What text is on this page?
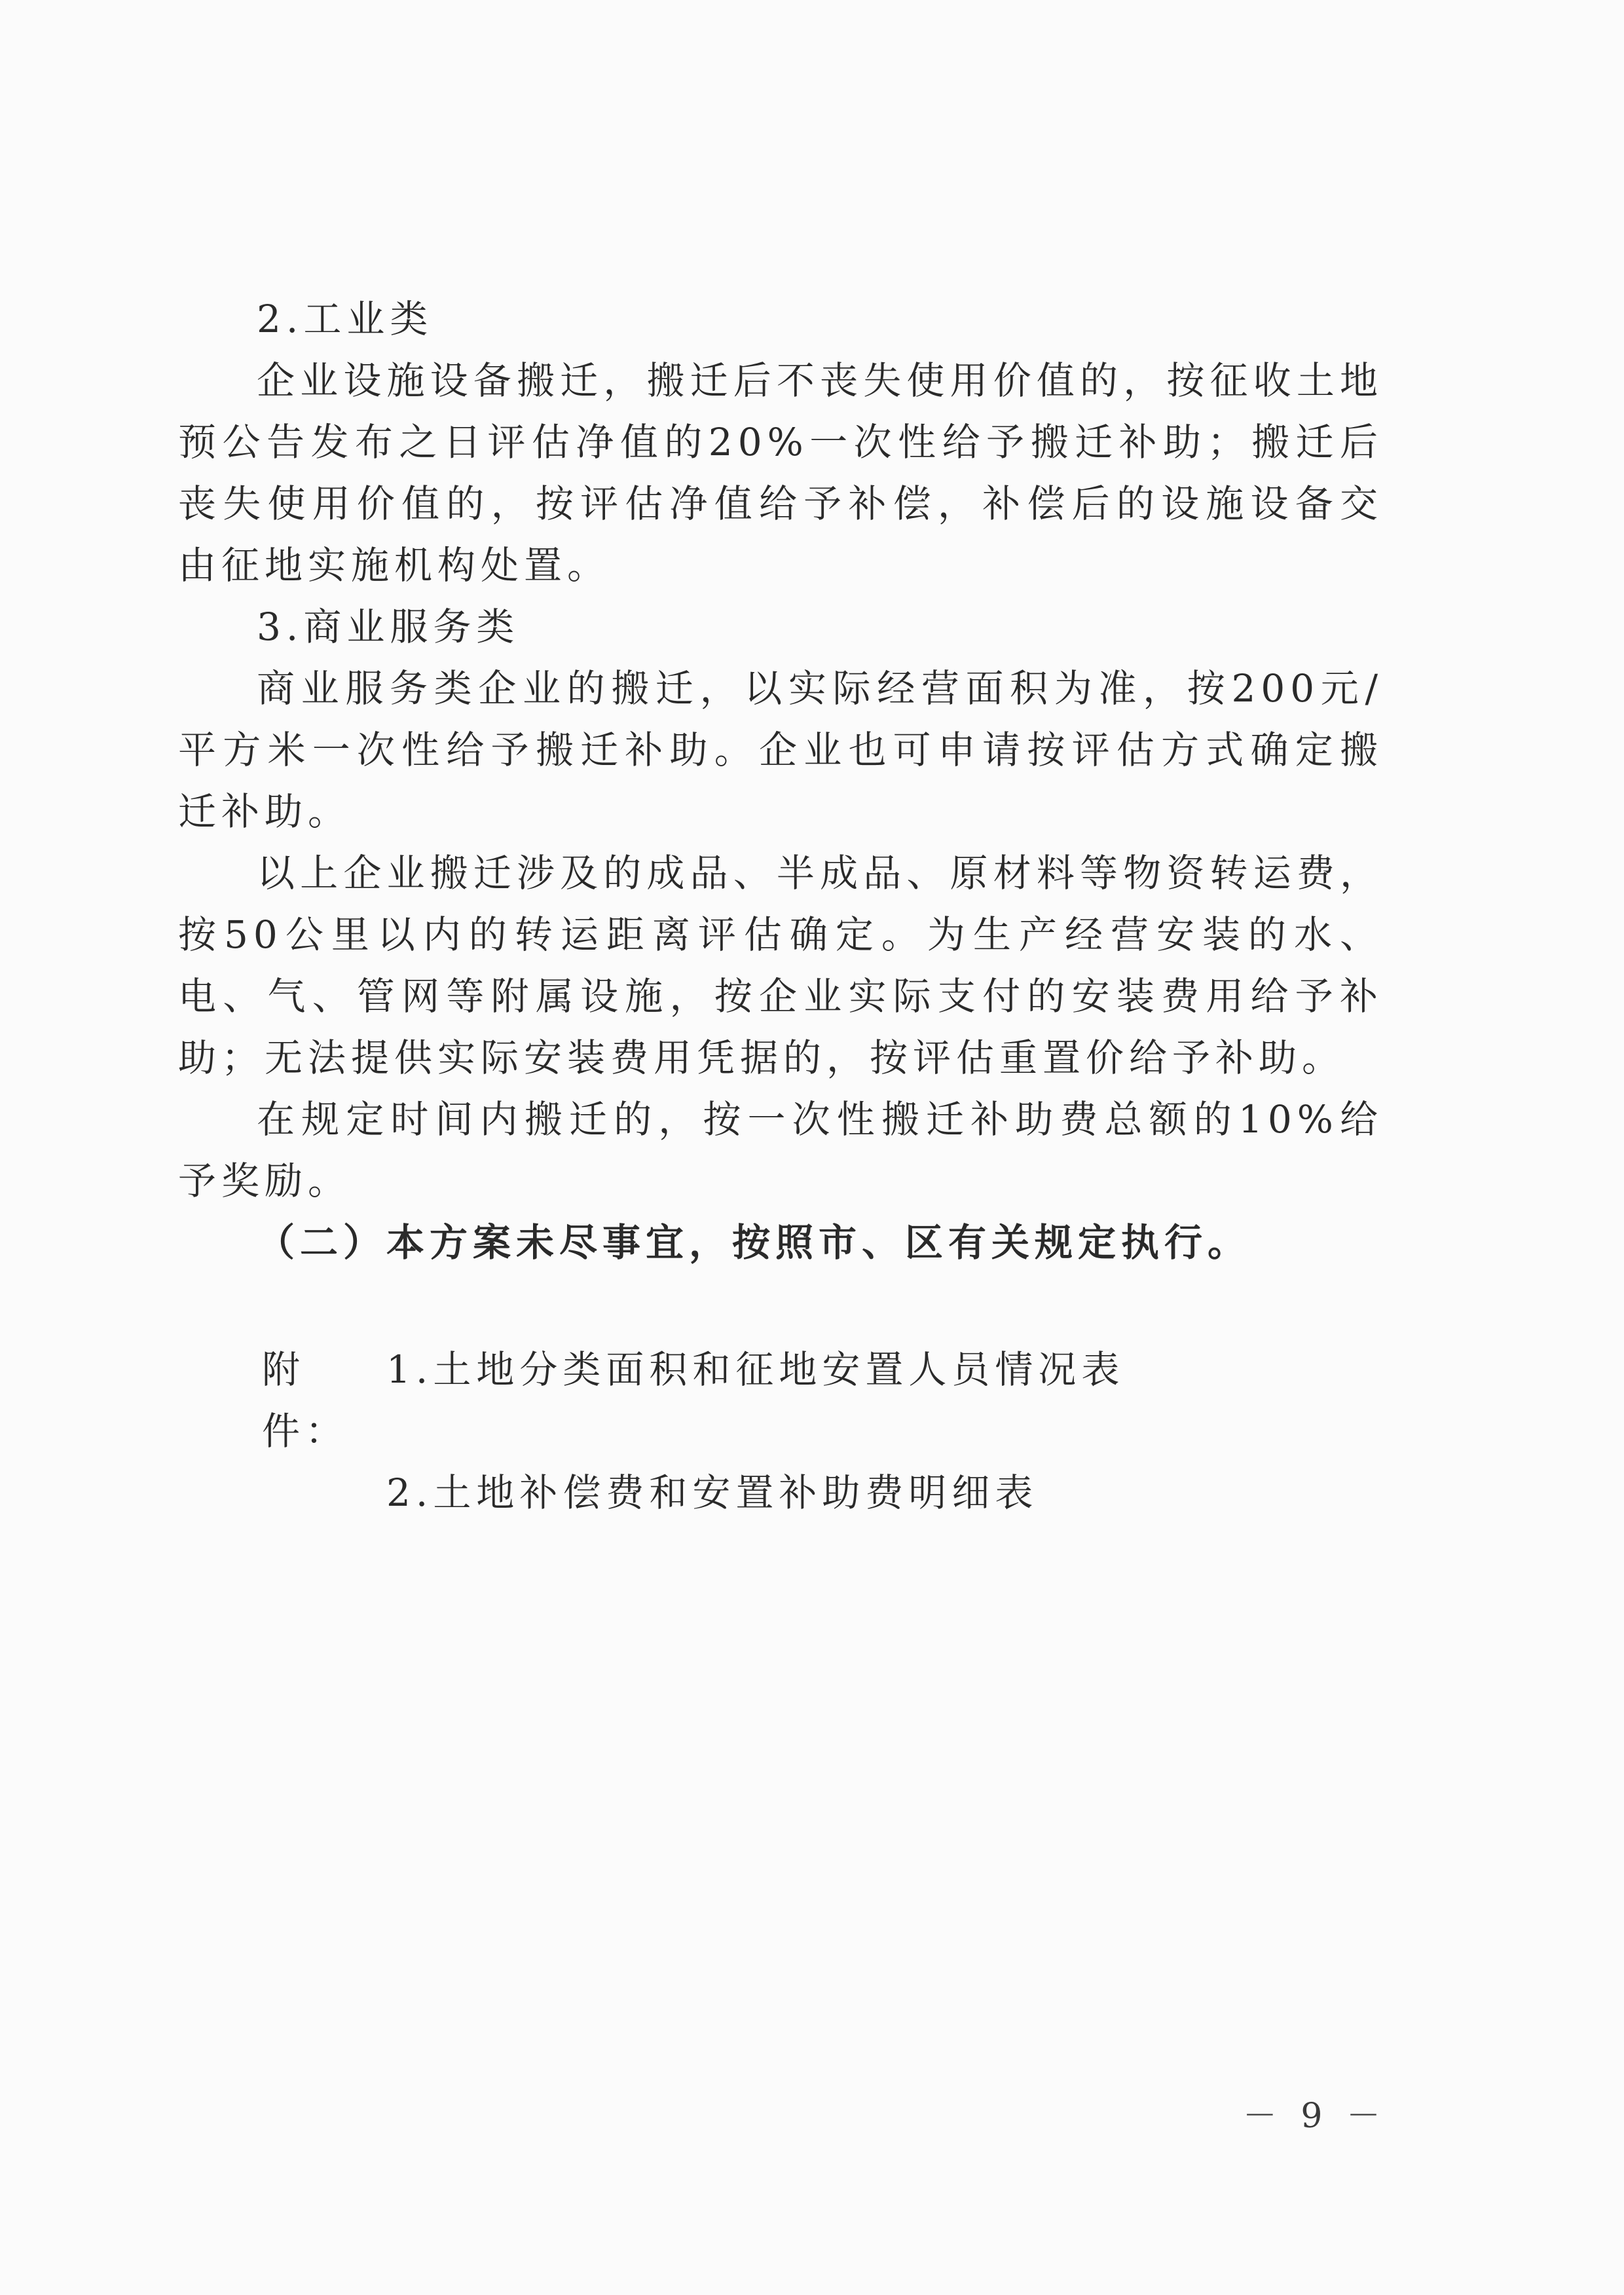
2.工业类

企业设施设备搬迁，搬迁后不丧失使用价值的，按征收土地预公告发布之日评估净值的20%一次性给予搬迁补助；搬迁后丧失使用价值的，按评估净值给予补偿，补偿后的设施设备交由征地实施机构处置。

3.商业服务类

商业服务类企业的搬迁，以实际经营面积为准，按200元/平方米一次性给予搬迁补助。企业也可申请按评估方式确定搬迁补助。

以上企业搬迁涉及的成品、半成品、原材料等物资转运费，按50公里以内的转运距离评估确定。为生产经营安装的水、电、气、管网等附属设施，按企业实际支付的安装费用给予补助；无法提供实际安装费用凭据的，按评估重置价给予补助。

在规定时间内搬迁的，按一次性搬迁补助费总额的10%给予奖励。

（二）本方案未尽事宜，按照市、区有关规定执行。

附件：
1.土地分类面积和征地安置人员情况表
2.土地补偿费和安置补助费明细表
－ 9 －
